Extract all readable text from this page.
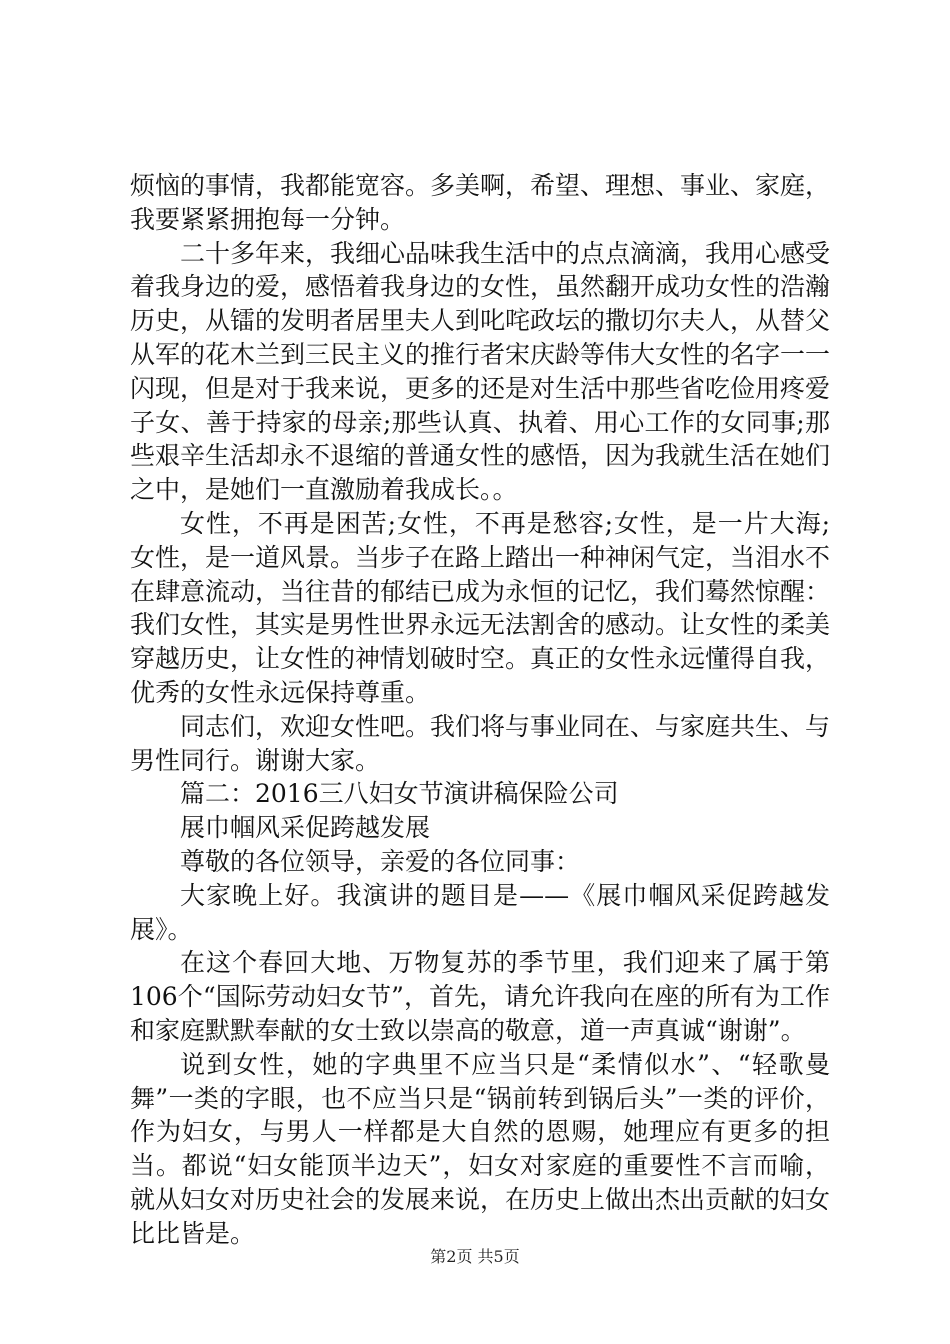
烦恼的事情，我都能宽容。多美啊，希望、理想、事业、家庭，我要紧紧拥抱每一分钟。

二十多年来，我细心品味我生活中的点点滴滴，我用心感受着我身边的爱，感悟着我身边的女性，虽然翻开成功女性的浩瀚历史，从镭的发明者居里夫人到叱咤政坛的撒切尔夫人，从替父从军的花木兰到三民主义的推行者宋庆龄等伟大女性的名字一一闪现，但是对于我来说，更多的还是对生活中那些省吃俭用疼爱子女、善于持家的母亲;那些认真、执着、用心工作的女同事;那些艰辛生活却永不退缩的普通女性的感悟，因为我就生活在她们之中，是她们一直激励着我成长。。

女性，不再是困苦;女性，不再是愁容;女性，是一片大海;女性，是一道风景。当步子在路上踏出一种神闲气定，当泪水不在肆意流动，当往昔的郁结已成为永恒的记忆，我们蓦然惊醒：我们女性，其实是男性世界永远无法割舍的感动。让女性的柔美穿越历史，让女性的神情划破时空。真正的女性永远懂得自我，优秀的女性永远保持尊重。

同志们，欢迎女性吧。我们将与事业同在、与家庭共生、与男性同行。谢谢大家。

篇二：2016三八妇女节演讲稿保险公司

展巾帼风采促跨越发展

尊敬的各位领导，亲爱的各位同事：

大家晚上好。我演讲的题目是——《展巾帼风采促跨越发展》。

在这个春回大地、万物复苏的季节里，我们迎来了属于第106个“国际劳动妇女节”，首先，请允许我向在座的所有为工作和家庭默默奉献的女士致以崇高的敬意，道一声真诚“谢谢”。

说到女性，她的字典里不应当只是“柔情似水”、“轻歌曼舞”一类的字眼，也不应当只是“锅前转到锅后头”一类的评价，作为妇女，与男人一样都是大自然的恩赐，她理应有更多的担当。都说“妇女能顶半边天”，妇女对家庭的重要性不言而喻，就从妇女对历史社会的发展来说，在历史上做出杰出贡献的妇女比比皆是。

第2页 共5页
